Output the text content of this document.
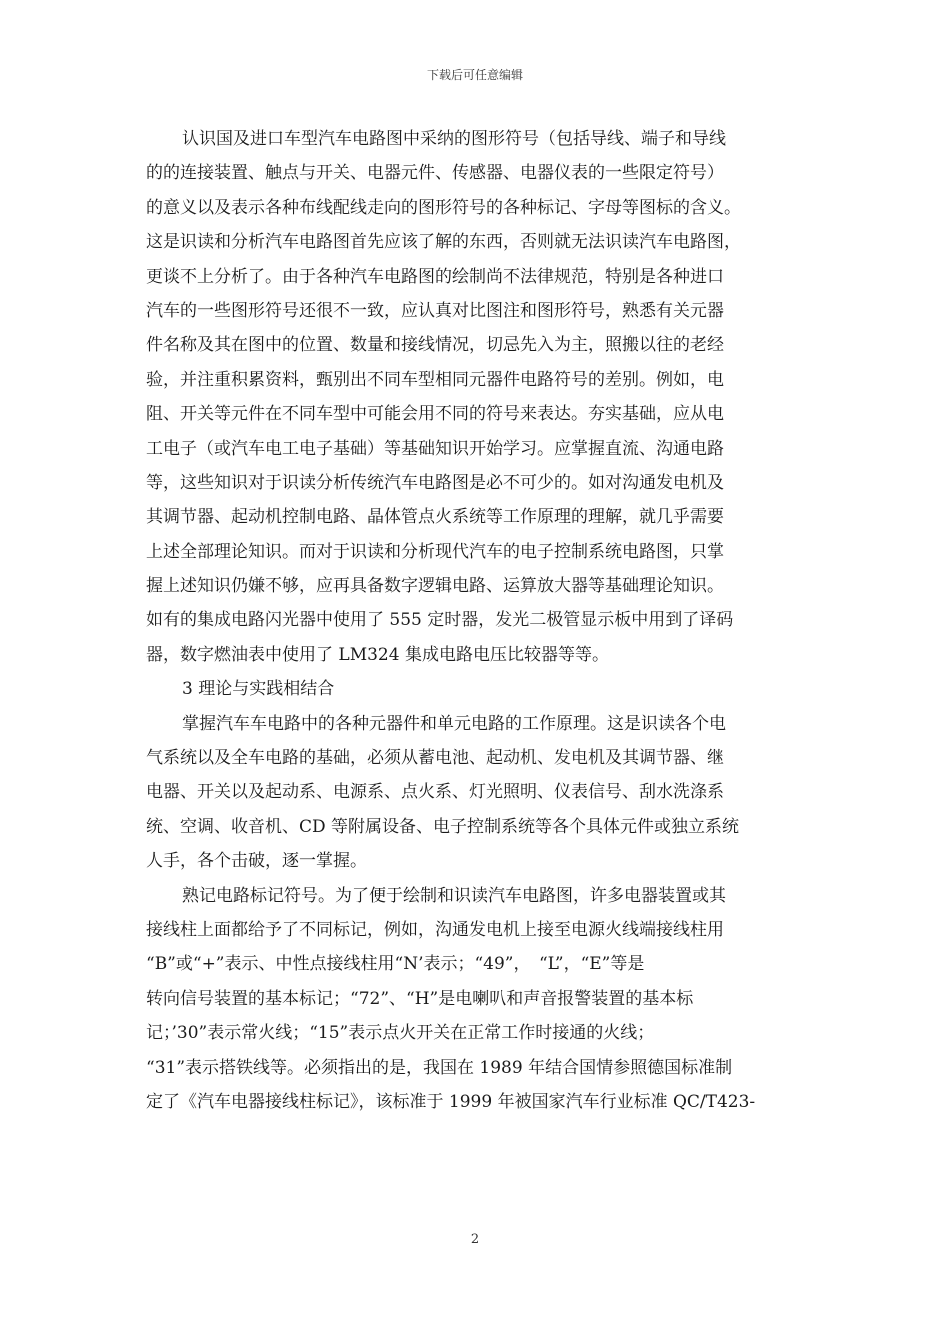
下载后可任意编辑
认识国及进口车型汽车电路图中采纳的图形符号（包括导线、端子和导线
的的连接装置、触点与开关、电器元件、传感器、电器仪表的一些限定符号）
的意义以及表示各种布线配线走向的图形符号的各种标记、字母等图标的含义。
这是识读和分析汽车电路图首先应该了解的东西，否则就无法识读汽车电路图，
更谈不上分析了。由于各种汽车电路图的绘制尚不法律规范，特别是各种进口
汽车的一些图形符号还很不一致，应认真对比图注和图形符号，熟悉有关元器
件名称及其在图中的位置、数量和接线情况，切忌先入为主，照搬以往的老经
验，并注重积累资料，甄别出不同车型相同元器件电路符号的差别。例如，电
阻、开关等元件在不同车型中可能会用不同的符号来表达。夯实基础，应从电
工电子（或汽车电工电子基础）等基础知识开始学习。应掌握直流、沟通电路
等，这些知识对于识读分析传统汽车电路图是必不可少的。如对沟通发电机及
其调节器、起动机控制电路、晶体管点火系统等工作原理的理解，就几乎需要
上述全部理论知识。而对于识读和分析现代汽车的电子控制系统电路图，只掌
握上述知识仍嫌不够，应再具备数字逻辑电路、运算放大器等基础理论知识。
如有的集成电路闪光器中使用了 555 定时器，发光二极管显示板中用到了译码
器，数字燃油表中使用了 LM324 集成电路电压比较器等等。
3 理论与实践相结合
掌握汽车车电路中的各种元器件和单元电路的工作原理。这是识读各个电
气系统以及全车电路的基础，必须从蓄电池、起动机、发电机及其调节器、继
电器、开关以及起动系、电源系、点火系、灯光照明、仪表信号、刮水洗涤系
统、空调、收音机、CD 等附属设备、电子控制系统等各个具体元件或独立系统
人手，各个击破，逐一掌握。
熟记电路标记符号。为了便于绘制和识读汽车电路图，许多电器装置或其
接线柱上面都给予了不同标记，例如，沟通发电机上接至电源火线端接线柱用
“B”或“+”表示、中性点接线柱用“N’表示；“49”，　“L”，“E”等是
转向信号装置的基本标记；“72”、“H”是电喇叭和声音报警装置的基本标
记；’30”表示常火线；“15”表示点火开关在正常工作时接通的火线；
“31”表示搭铁线等。必须指出的是，我国在 1989 年结合国情参照德国标准制
定了《汽车电器接线柱标记》，该标准于 1999 年被国家汽车行业标准 QC/T423-
2
